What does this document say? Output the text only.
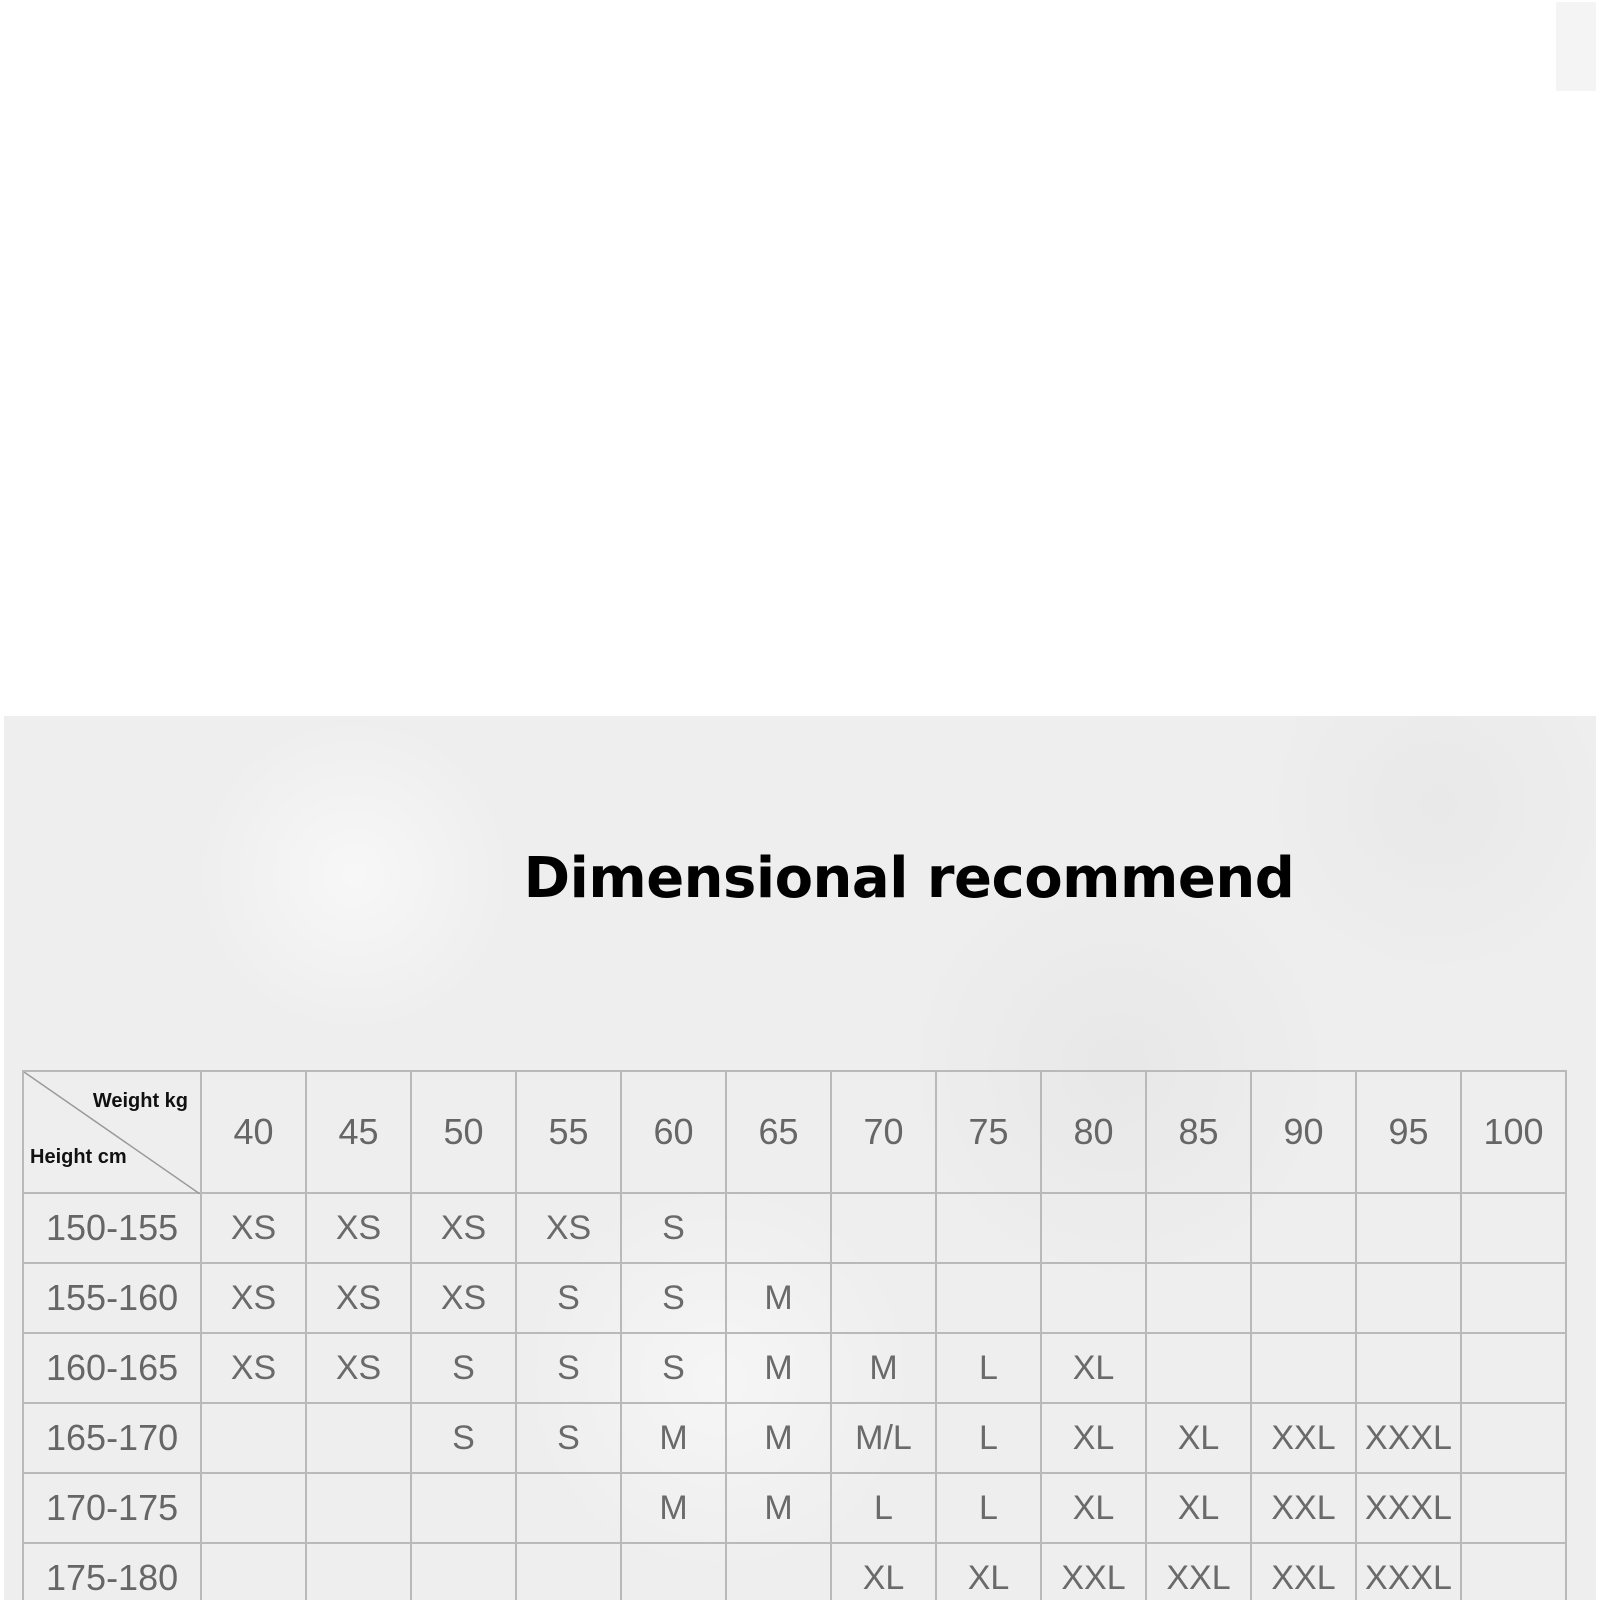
Dimensional recommend
Weight kg
Height cm	40	45	50	55	60	65	70	75	80	85	90	95	100
150-155	XS	XS	XS	XS	S								
155-160	XS	XS	XS	S	S	M							
160-165	XS	XS	S	S	S	M	M	L	XL				
165-170			S	S	M	M	M/L	L	XL	XL	XXL	XXXL	
170-175					M	M	L	L	XL	XL	XXL	XXXL	
175-180							XL	XL	XXL	XXL	XXL	XXXL	
